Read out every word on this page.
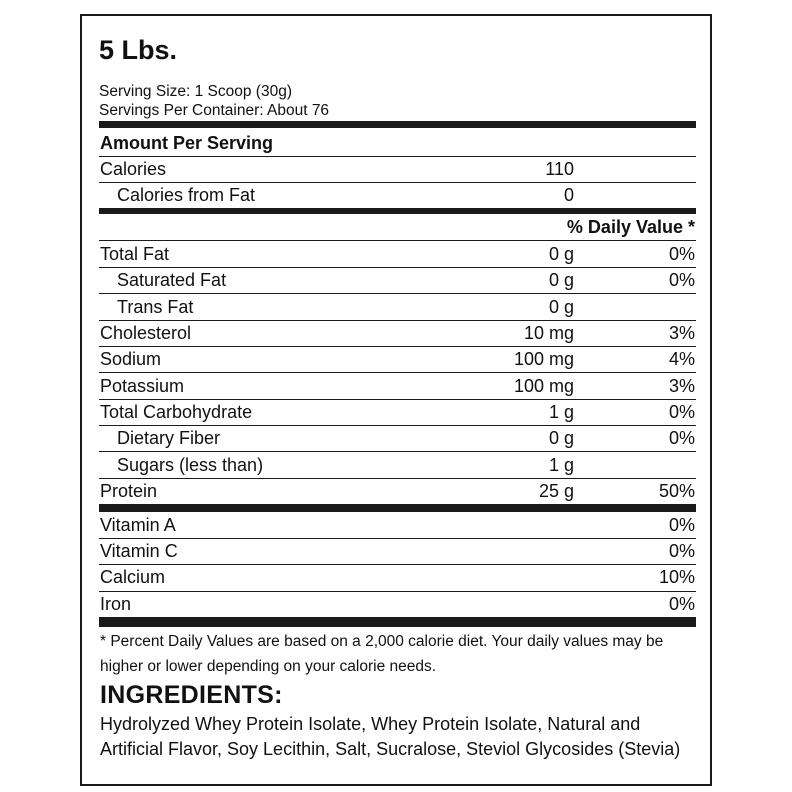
5 Lbs.
Serving Size: 1 Scoop (30g)
Servings Per Container: About 76
Amount Per Serving
Calories	110
Calories from Fat	0
% Daily Value *
Total Fat	0 g	0%
Saturated Fat	0 g	0%
Trans Fat	0 g
Cholesterol	10 mg	3%
Sodium	100 mg	4%
Potassium	100 mg	3%
Total Carbohydrate	1 g	0%
Dietary Fiber	0 g	0%
Sugars (less than)	1 g
Protein	25 g	50%
Vitamin A	0%
Vitamin C	0%
Calcium	10%
Iron	0%
* Percent Daily Values are based on a 2,000 calorie diet. Your daily values may be higher or lower depending on your calorie needs.
INGREDIENTS:
Hydrolyzed Whey Protein Isolate, Whey Protein Isolate, Natural and Artificial Flavor, Soy Lecithin, Salt, Sucralose, Steviol Glycosides (Stevia)
